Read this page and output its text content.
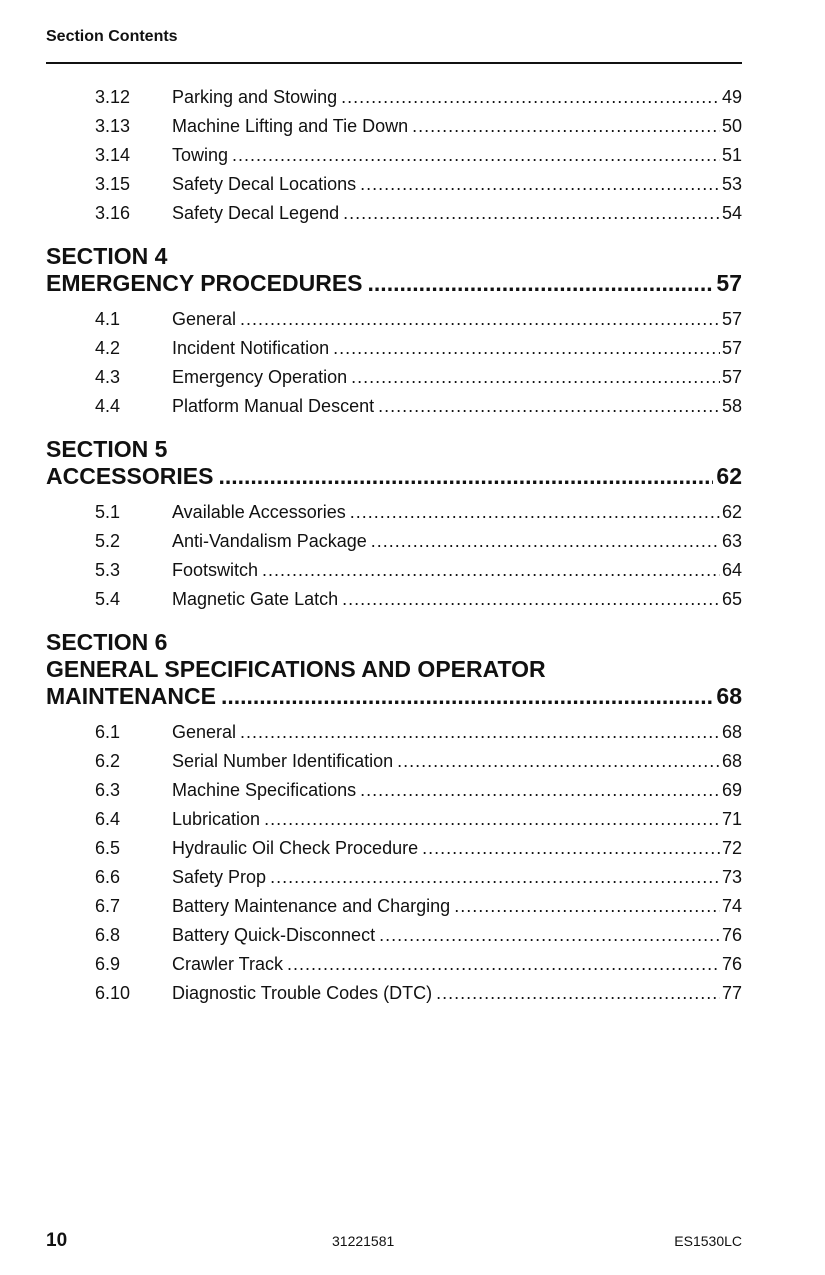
Section Contents
3.12	Parking and Stowing . . .	49
3.13	Machine Lifting and Tie Down . . .	50
3.14	Towing . . .	51
3.15	Safety Decal Locations . . .	53
3.16	Safety Decal Legend . . .	54
SECTION 4
EMERGENCY PROCEDURES .....	57
4.1	General . . .	57
4.2	Incident Notification . . .	57
4.3	Emergency Operation . . .	57
4.4	Platform Manual Descent . . .	58
SECTION 5
ACCESSORIES .....	62
5.1	Available Accessories . . .	62
5.2	Anti-Vandalism Package . . .	63
5.3	Footswitch . . .	64
5.4	Magnetic Gate Latch . . .	65
SECTION 6
GENERAL SPECIFICATIONS AND OPERATOR
MAINTENANCE .....	68
6.1	General . . .	68
6.2	Serial Number Identification . . .	68
6.3	Machine Specifications . . .	69
6.4	Lubrication . . .	71
6.5	Hydraulic Oil Check Procedure . . .	72
6.6	Safety Prop . . .	73
6.7	Battery Maintenance and Charging . . .	74
6.8	Battery Quick-Disconnect . . .	76
6.9	Crawler Track . . .	76
6.10	Diagnostic Trouble Codes (DTC) . . .	77
10	31221581	ES1530LC
